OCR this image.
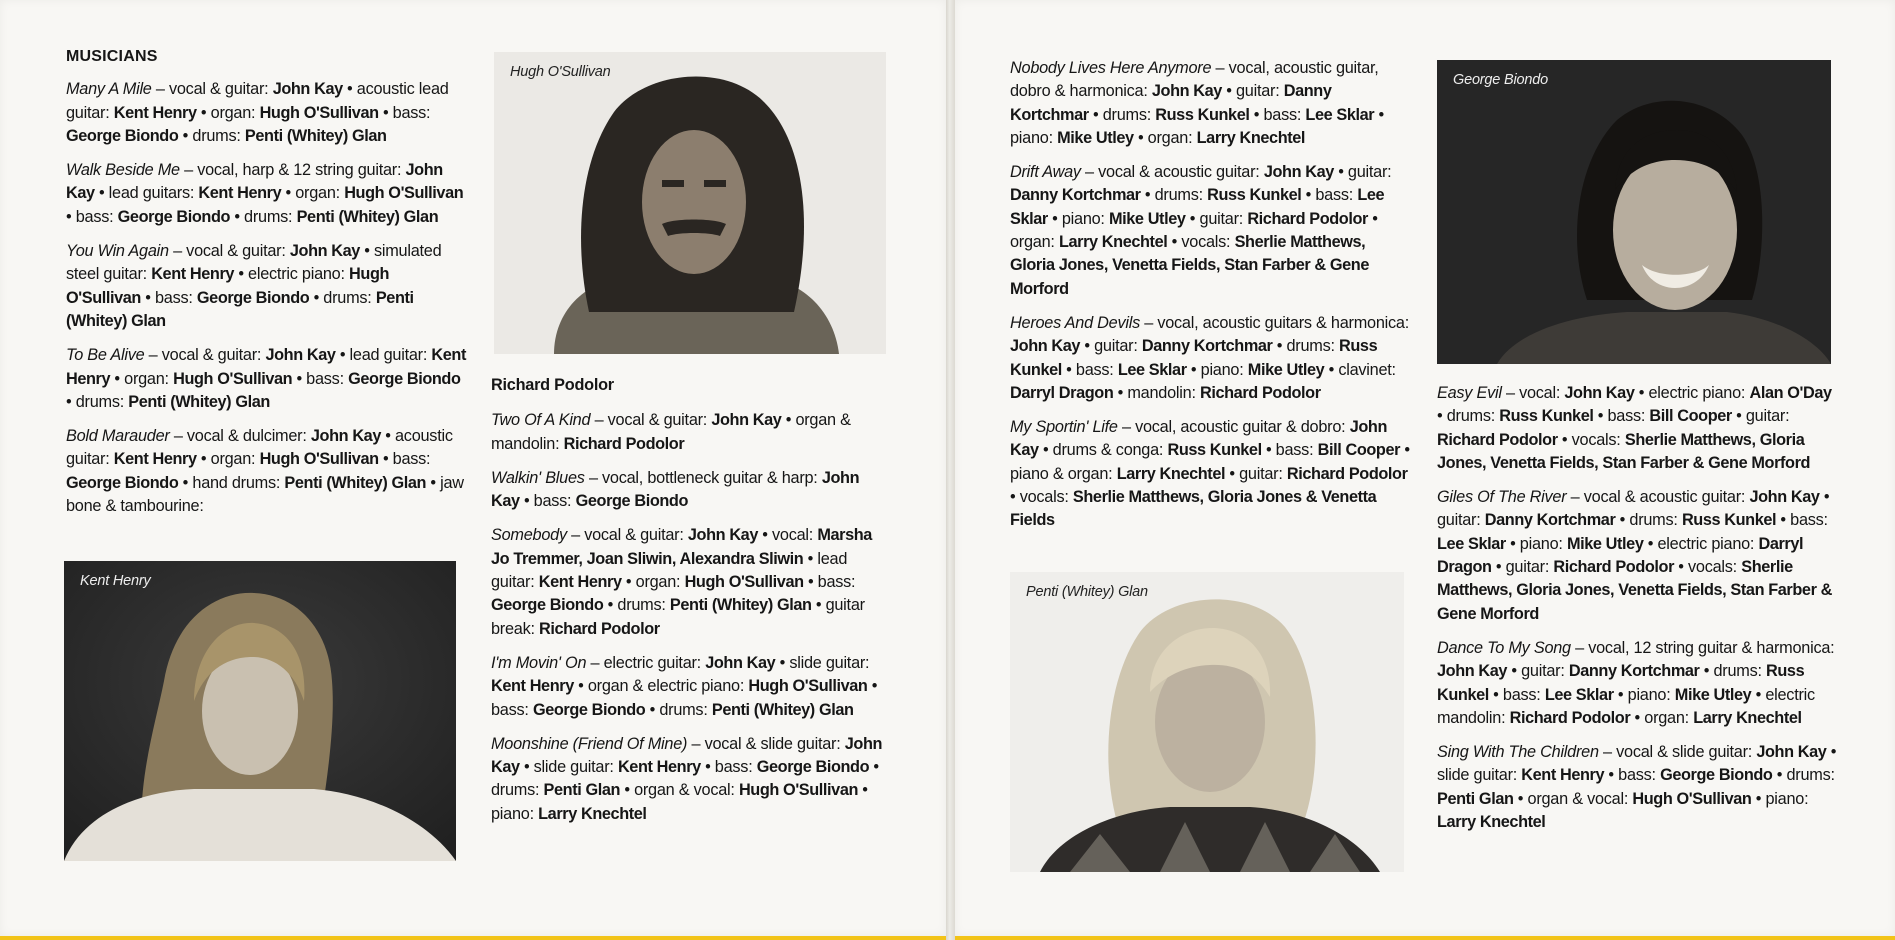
MUSICIANS

Many A Mile – vocal & guitar: John Kay • acoustic lead guitar: Kent Henry • organ: Hugh O'Sullivan • bass: George Biondo • drums: Penti (Whitey) Glan

Walk Beside Me – vocal, harp & 12 string guitar: John Kay • lead guitars: Kent Henry • organ: Hugh O'Sullivan • bass: George Biondo • drums: Penti (Whitey) Glan

You Win Again – vocal & guitar: John Kay • simulated steel guitar: Kent Henry • electric piano: Hugh O'Sullivan • bass: George Biondo • drums: Penti (Whitey) Glan

To Be Alive – vocal & guitar: John Kay • lead guitar: Kent Henry • organ: Hugh O'Sullivan • bass: George Biondo • drums: Penti (Whitey) Glan

Bold Marauder – vocal & dulcimer: John Kay • acoustic guitar: Kent Henry • organ: Hugh O'Sullivan • bass: George Biondo • hand drums: Penti (Whitey) Glan • jaw bone & tambourine:

Kent Henry
Hugh O'Sullivan
Richard Podolor

Two Of A Kind – vocal & guitar: John Kay • organ & mandolin: Richard Podolor

Walkin' Blues – vocal, bottleneck guitar & harp: John Kay • bass: George Biondo

Somebody – vocal & guitar: John Kay • vocal: Marsha Jo Tremmer, Joan Sliwin, Alexandra Sliwin • lead guitar: Kent Henry • organ: Hugh O'Sullivan • bass: George Biondo • drums: Penti (Whitey) Glan • guitar break: Richard Podolor

I'm Movin' On – electric guitar: John Kay • slide guitar: Kent Henry • organ & electric piano: Hugh O'Sullivan • bass: George Biondo • drums: Penti (Whitey) Glan

Moonshine (Friend Of Mine) – vocal & slide guitar: John Kay • slide guitar: Kent Henry • bass: George Biondo • drums: Penti Glan • organ & vocal: Hugh O'Sullivan • piano: Larry Knechtel

Nobody Lives Here Anymore – vocal, acoustic guitar, dobro & harmonica: John Kay • guitar: Danny Kortchmar • drums: Russ Kunkel • bass: Lee Sklar • piano: Mike Utley • organ: Larry Knechtel

Drift Away – vocal & acoustic guitar: John Kay • guitar: Danny Kortchmar • drums: Russ Kunkel • bass: Lee Sklar • piano: Mike Utley • guitar: Richard Podolor • organ: Larry Knechtel • vocals: Sherlie Matthews, Gloria Jones, Venetta Fields, Stan Farber & Gene Morford

Heroes And Devils – vocal, acoustic guitars & harmonica: John Kay • guitar: Danny Kortchmar • drums: Russ Kunkel • bass: Lee Sklar • piano: Mike Utley • clavinet: Darryl Dragon • mandolin: Richard Podolor

My Sportin' Life – vocal, acoustic guitar & dobro: John Kay • drums & conga: Russ Kunkel • bass: Bill Cooper • piano & organ: Larry Knechtel • guitar: Richard Podolor • vocals: Sherlie Matthews, Gloria Jones & Venetta Fields

Penti (Whitey) Glan
George Biondo

Easy Evil – vocal: John Kay • electric piano: Alan O'Day • drums: Russ Kunkel • bass: Bill Cooper • guitar: Richard Podolor • vocals: Sherlie Matthews, Gloria Jones, Venetta Fields, Stan Farber & Gene Morford

Giles Of The River – vocal & acoustic guitar: John Kay • guitar: Danny Kortchmar • drums: Russ Kunkel • bass: Lee Sklar • piano: Mike Utley • electric piano: Darryl Dragon • guitar: Richard Podolor • vocals: Sherlie Matthews, Gloria Jones, Venetta Fields, Stan Farber & Gene Morford

Dance To My Song – vocal, 12 string guitar & harmonica: John Kay • guitar: Danny Kortchmar • drums: Russ Kunkel • bass: Lee Sklar • piano: Mike Utley • electric mandolin: Richard Podolor • organ: Larry Knechtel

Sing With The Children – vocal & slide guitar: John Kay • slide guitar: Kent Henry • bass: George Biondo • drums: Penti Glan • organ & vocal: Hugh O'Sullivan • piano: Larry Knechtel
